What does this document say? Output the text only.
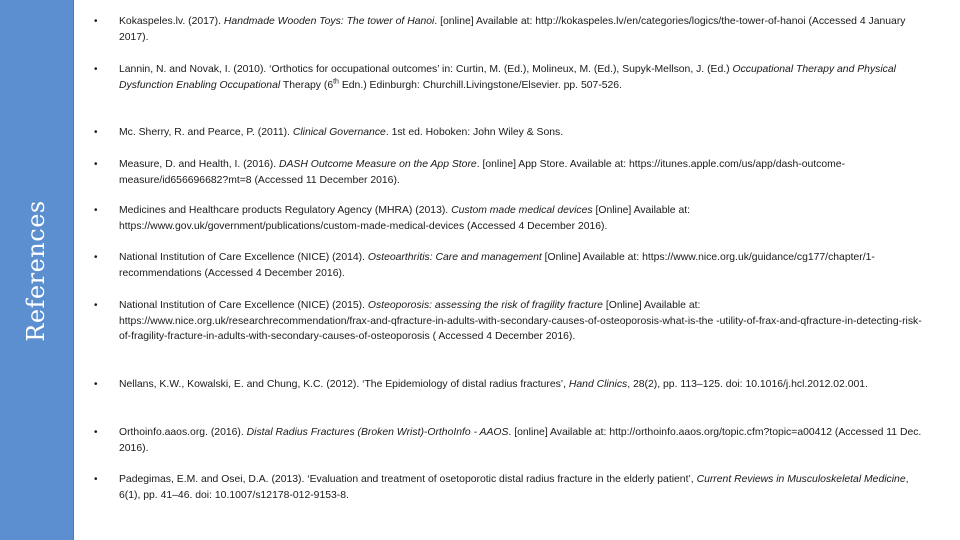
References
• Kokaspeles.lv. (2017). Handmade Wooden Toys: The tower of Hanoi. [online] Available at: http://kokaspeles.lv/en/categories/logics/the-tower-of-hanoi (Accessed 4 January 2017).
• Lannin, N. and Novak, I. (2010). ‘Orthotics for occupational outcomes’ in: Curtin, M. (Ed.), Molineux, M. (Ed.), Supyk-Mellson, J. (Ed.) Occupational Therapy and Physical Dysfunction Enabling Occupational Therapy (6th Edn.) Edinburgh: Churchill.Livingstone/Elsevier. pp. 507-526.
• Mc. Sherry, R. and Pearce, P. (2011). Clinical Governance. 1st ed. Hoboken: John Wiley & Sons.
• Measure, D. and Health, I. (2016). DASH Outcome Measure on the App Store. [online] App Store. Available at: https://itunes.apple.com/us/app/dash-outcome-measure/id656696682?mt=8 (Accessed 11 December 2016).
• Medicines and Healthcare products Regulatory Agency (MHRA) (2013). Custom made medical devices [Online] Available at: https://www.gov.uk/government/publications/custom-made-medical-devices (Accessed 4 December 2016).
• National Institution of Care Excellence (NICE) (2014). Osteoarthritis: Care and management [Online] Available at: https://www.nice.org.uk/guidance/cg177/chapter/1-recommendations (Accessed 4 December 2016).
• National Institution of Care Excellence (NICE) (2015). Osteoporosis: assessing the risk of fragility fracture [Online] Available at: https://www.nice.org.uk/researchrecommendation/frax-and-qfracture-in-adults-with-secondary-causes-of-osteoporosis-what-is-the -utility-of-frax-and-qfracture-in-detecting-risk-of-fragility-fracture-in-adults-with-secondary-causes-of-osteoporosis ( Accessed 4 December 2016).
• Nellans, K.W., Kowalski, E. and Chung, K.C. (2012). ‘The Epidemiology of distal radius fractures’, Hand Clinics, 28(2), pp. 113–125. doi: 10.1016/j.hcl.2012.02.001.
• Orthoinfo.aaos.org. (2016). Distal Radius Fractures (Broken Wrist)-OrthoInfo - AAOS. [online] Available at: http://orthoinfo.aaos.org/topic.cfm?topic=a00412 (Accessed 11 Dec. 2016).
• Padegimas, E.M. and Osei, D.A. (2013). ‘Evaluation and treatment of osetoporotic distal radius fracture in the elderly patient’, Current Reviews in Musculoskeletal Medicine, 6(1), pp. 41–46. doi: 10.1007/s12178-012-9153-8.
